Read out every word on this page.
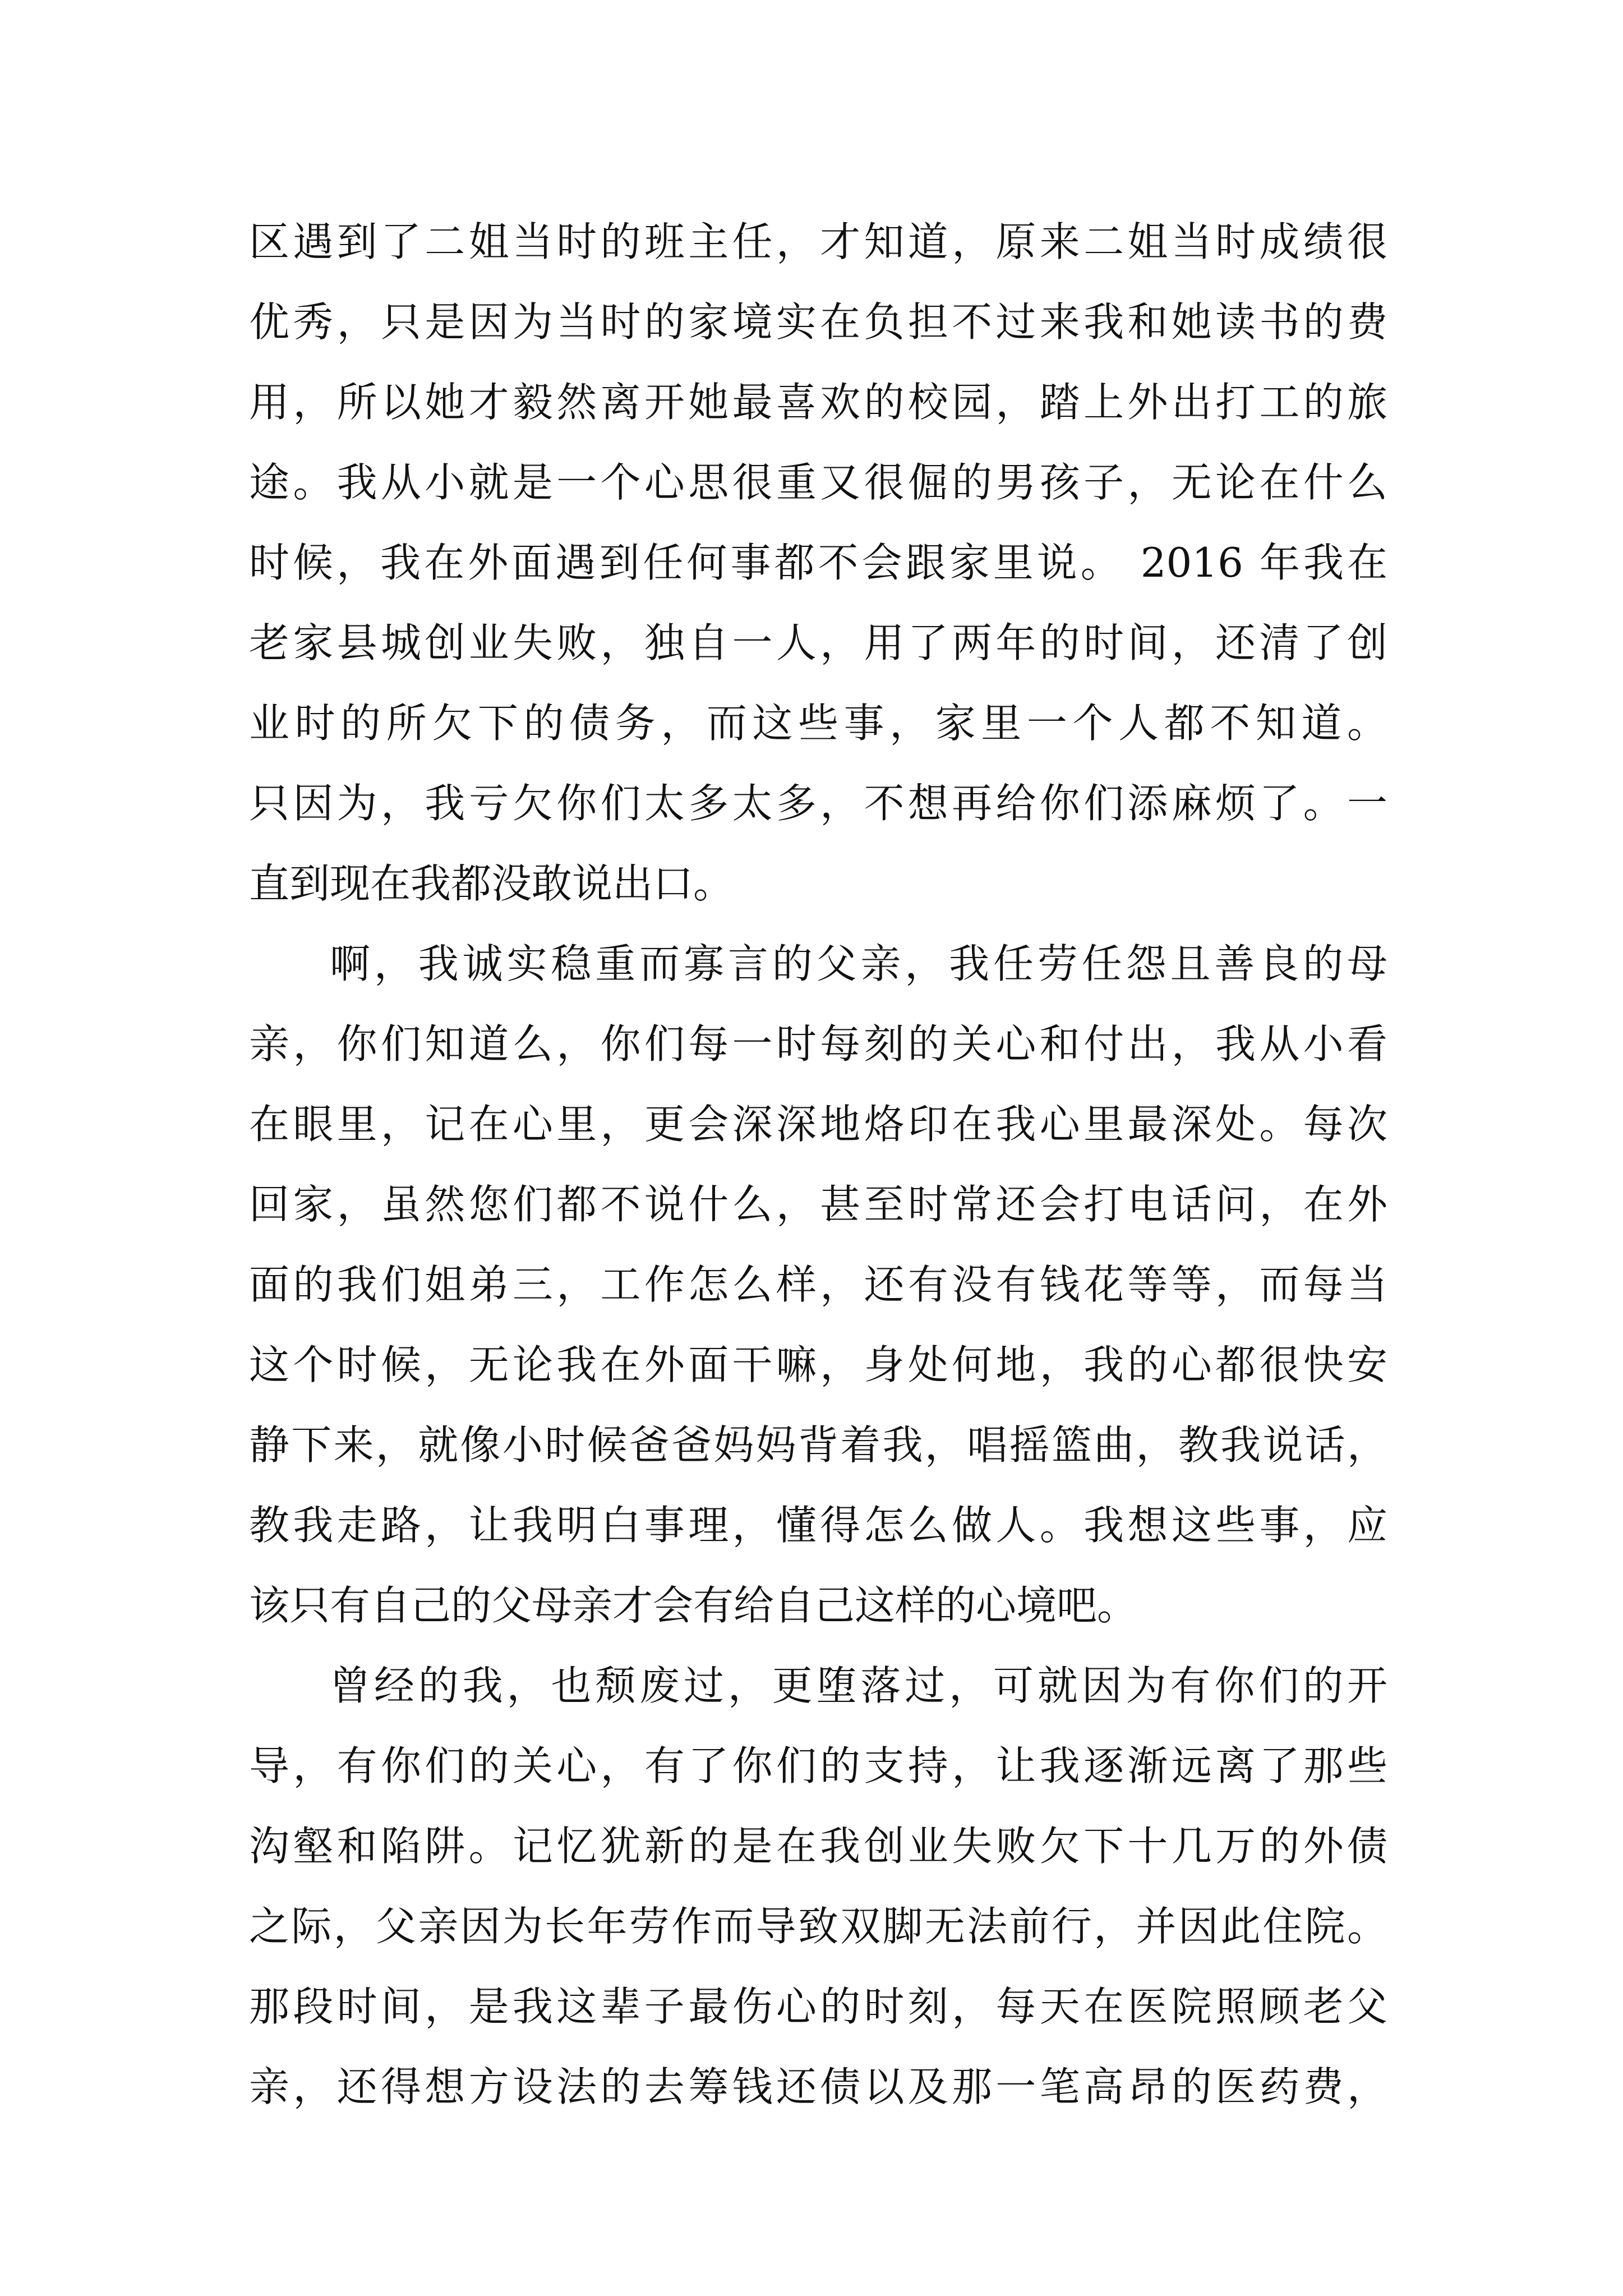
区遇到了二姐当时的班主任，才知道，原来二姐当时成绩很
优秀，只是因为当时的家境实在负担不过来我和她读书的费
用，所以她才毅然离开她最喜欢的校园，踏上外出打工的旅
途。我从小就是一个心思很重又很倔的男孩子，无论在什么
时候，我在外面遇到任何事都不会跟家里说。 2016 年我在
老家县城创业失败，独自一人，用了两年的时间，还清了创
业时的所欠下的债务，而这些事，家里一个人都不知道。
只因为，我亏欠你们太多太多，不想再给你们添麻烦了。一
直到现在我都没敢说出口。
啊，我诚实稳重而寡言的父亲，我任劳任怨且善良的母
亲，你们知道么，你们每一时每刻的关心和付出，我从小看
在眼里，记在心里，更会深深地烙印在我心里最深处。每次
回家，虽然您们都不说什么，甚至时常还会打电话问，在外
面的我们姐弟三，工作怎么样，还有没有钱花等等，而每当
这个时候，无论我在外面干嘛，身处何地，我的心都很快安
静下来，就像小时候爸爸妈妈背着我，唱摇篮曲，教我说话，
教我走路，让我明白事理，懂得怎么做人。我想这些事，应
该只有自己的父母亲才会有给自己这样的心境吧。
曾经的我，也颓废过，更堕落过，可就因为有你们的开
导，有你们的关心，有了你们的支持，让我逐渐远离了那些
沟壑和陷阱。记忆犹新的是在我创业失败欠下十几万的外债
之际，父亲因为长年劳作而导致双脚无法前行，并因此住院。
那段时间，是我这辈子最伤心的时刻，每天在医院照顾老父
亲，还得想方设法的去筹钱还债以及那一笔高昂的医药费，
